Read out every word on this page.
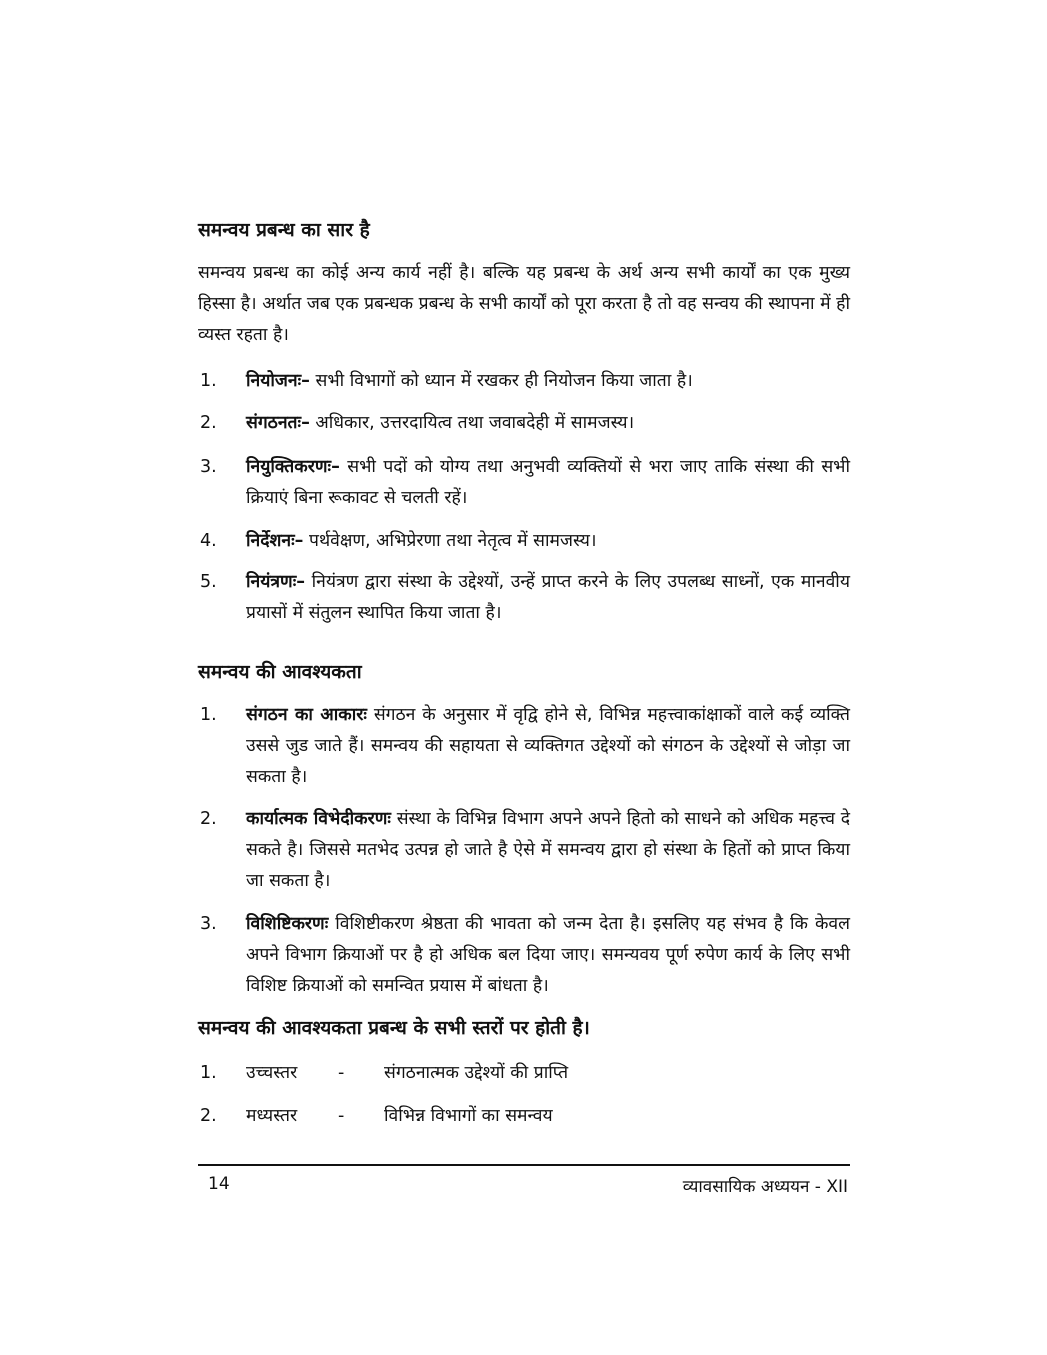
समन्वय प्रबन्ध का सार है

समन्वय प्रबन्ध का कोई अन्य कार्य नहीं है। बल्कि यह प्रबन्ध के अर्थ अन्य सभी कार्यों का एक मुख्य हिस्सा है। अर्थात जब एक प्रबन्धक प्रबन्ध के सभी कार्यों को पूरा करता है तो वह सन्वय की स्थापना में ही व्यस्त रहता है।

1.	नियोजनः– सभी विभागों को ध्यान में रखकर ही नियोजन किया जाता है।
2.	संगठनतः– अधिकार, उत्तरदायित्व तथा जवाबदेही में सामजस्य।
3.	नियुक्तिकरणः– सभी पदों को योग्य तथा अनुभवी व्यक्तियों से भरा जाए ताकि संस्था की सभी क्रियाएं बिना रूकावट से चलती रहें।
4.	निर्देशनः– पर्थवेक्षण, अभिप्रेरणा तथा नेतृत्व में सामजस्य।
5.	नियंत्रणः– नियंत्रण द्वारा संस्था के उद्देश्यों, उन्हें प्राप्त करने के लिए उपलब्ध साध्नों, एक मानवीय प्रयासों में संतुलन स्थापित किया जाता है।
समन्वय की आवश्यकता
1.	संगठन का आकारः संगठन के अनुसार में वृद्वि होने से, विभिन्न महत्त्वाकांक्षाकों वाले कई व्यक्ति उससे जुड जाते हैं। समन्वय की सहायता से व्यक्तिगत उद्देश्यों को संगठन के उद्देश्यों से जोड़ा जा सकता है।
2.	कार्यात्मक विभेदीकरणः संस्था के विभिन्न विभाग अपने अपने हितो को साधने को अधिक महत्त्व दे सकते है। जिससे मतभेद उत्पन्न हो जाते है ऐसे में समन्वय द्वारा हो संस्था के हितों को प्राप्त किया जा सकता है।
3.	विशिष्टिकरणः विशिष्टीकरण श्रेष्ठता की भावता को जन्म देता है। इसलिए यह संभव है कि केवल अपने विभाग क्रियाओं पर है हो अधिक बल दिया जाए। समन्यवय पूर्ण रुपेण कार्य के लिए सभी विशिष्ट क्रियाओं को समन्वित प्रयास में बांधता है।
समन्वय की आवश्यकता प्रबन्ध के सभी स्तरों पर होती है।
1. उच्चस्तर - संगठनात्मक उद्देश्यों की प्राप्ति
2. मध्यस्तर - विभिन्न विभागों का समन्वय
14	व्यावसायिक अध्ययन - XII
